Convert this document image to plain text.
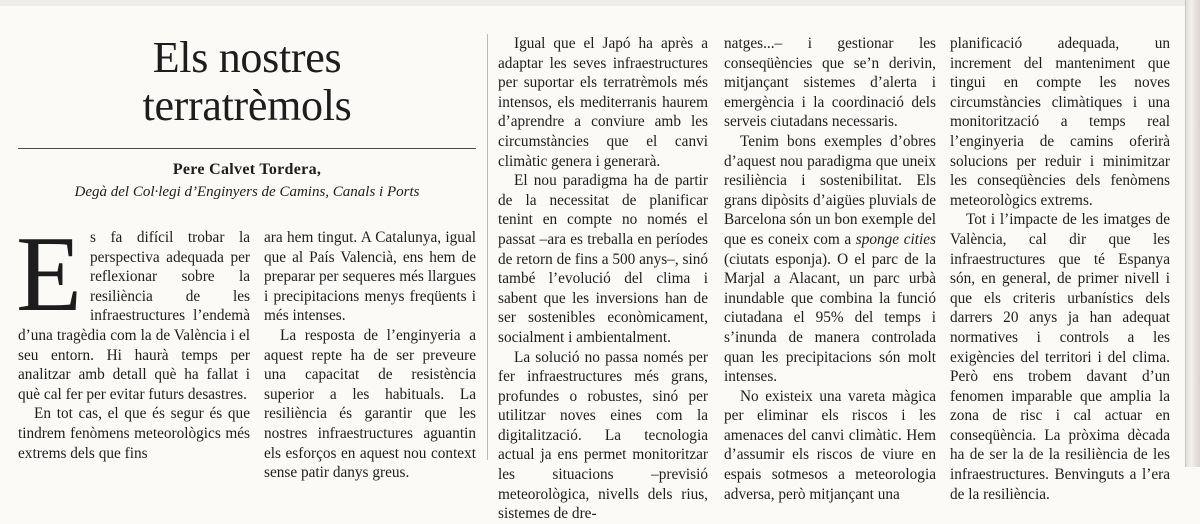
Els nostres
terratrèmols
Pere Calvet Tordera,
Degà del Col·legi d’Enginyers de Camins, Canals i Ports

Es fa difícil trobar la perspectiva adequada per reflexionar sobre la resiliència de les infraestructures l’endemà d’una tragèdia com la de València i el seu entorn. Hi haurà temps per analitzar amb detall què ha fallat i què cal fer per evitar futurs desastres.

En tot cas, el que és segur és que tindrem fenòmens meteorològics més extrems dels que fins

ara hem tingut. A Catalunya, igual que al País Valencià, ens hem de preparar per sequeres més llargues i precipitacions menys freqüents i més intenses.

La resposta de l’enginyeria a aquest repte ha de ser preveure una capacitat de resistència superior a les habituals. La resiliència és garantir que les nostres infraestructures aguantin els esforços en aquest nou context sense patir danys greus.

Igual que el Japó ha après a adaptar les seves infraestructures per suportar els terratrèmols més intensos, els mediterranis haurem d’aprendre a conviure amb les circumstàncies que el canvi climàtic genera i generarà.

El nou paradigma ha de partir de la necessitat de planificar tenint en compte no només el passat –ara es treballa en períodes de retorn de fins a 500 anys–, sinó també l’evolució del clima i sabent que les inversions han de ser sostenibles econòmicament, socialment i ambientalment.

La solució no passa només per fer infraestructures més grans, profundes o robustes, sinó per utilitzar noves eines com la digitalització. La tecnologia actual ja ens permet monitoritzar les situacions –previsió meteorològica, nivells dels rius, sistemes de dre-

natges...– i gestionar les conseqüències que se’n derivin, mitjançant sistemes d’alerta i emergència i la coordinació dels serveis ciutadans necessaris.

Tenim bons exemples d’obres d’aquest nou paradigma que uneix resiliència i sostenibilitat. Els grans dipòsits d’aigües pluvials de Barcelona són un bon exemple del que es coneix com a sponge cities (ciutats esponja). O el parc de la Marjal a Alacant, un parc urbà inundable que combina la funció ciutadana el 95% del temps i s’inunda de manera controlada quan les precipitacions són molt intenses.

No existeix una vareta màgica per eliminar els riscos i les amenaces del canvi climàtic. Hem d’assumir els riscos de viure en espais sotmesos a meteorologia adversa, però mitjançant una

planificació adequada, un increment del manteniment que tingui en compte les noves circumstàncies climàtiques i una monitorització a temps real l’enginyeria de camins oferirà solucions per reduir i minimitzar les conseqüències dels fenòmens meteorològics extrems.

Tot i l’impacte de les imatges de València, cal dir que les infraestructures que té Espanya són, en general, de primer nivell i que els criteris urbanístics dels darrers 20 anys ja han adequat normatives i controls a les exigències del territori i del clima. Però ens trobem davant d’un fenomen imparable que amplia la zona de risc i cal actuar en conseqüència. La pròxima dècada ha de ser la de la resiliència de les infraestructures. Benvinguts a l’era de la resiliència.
